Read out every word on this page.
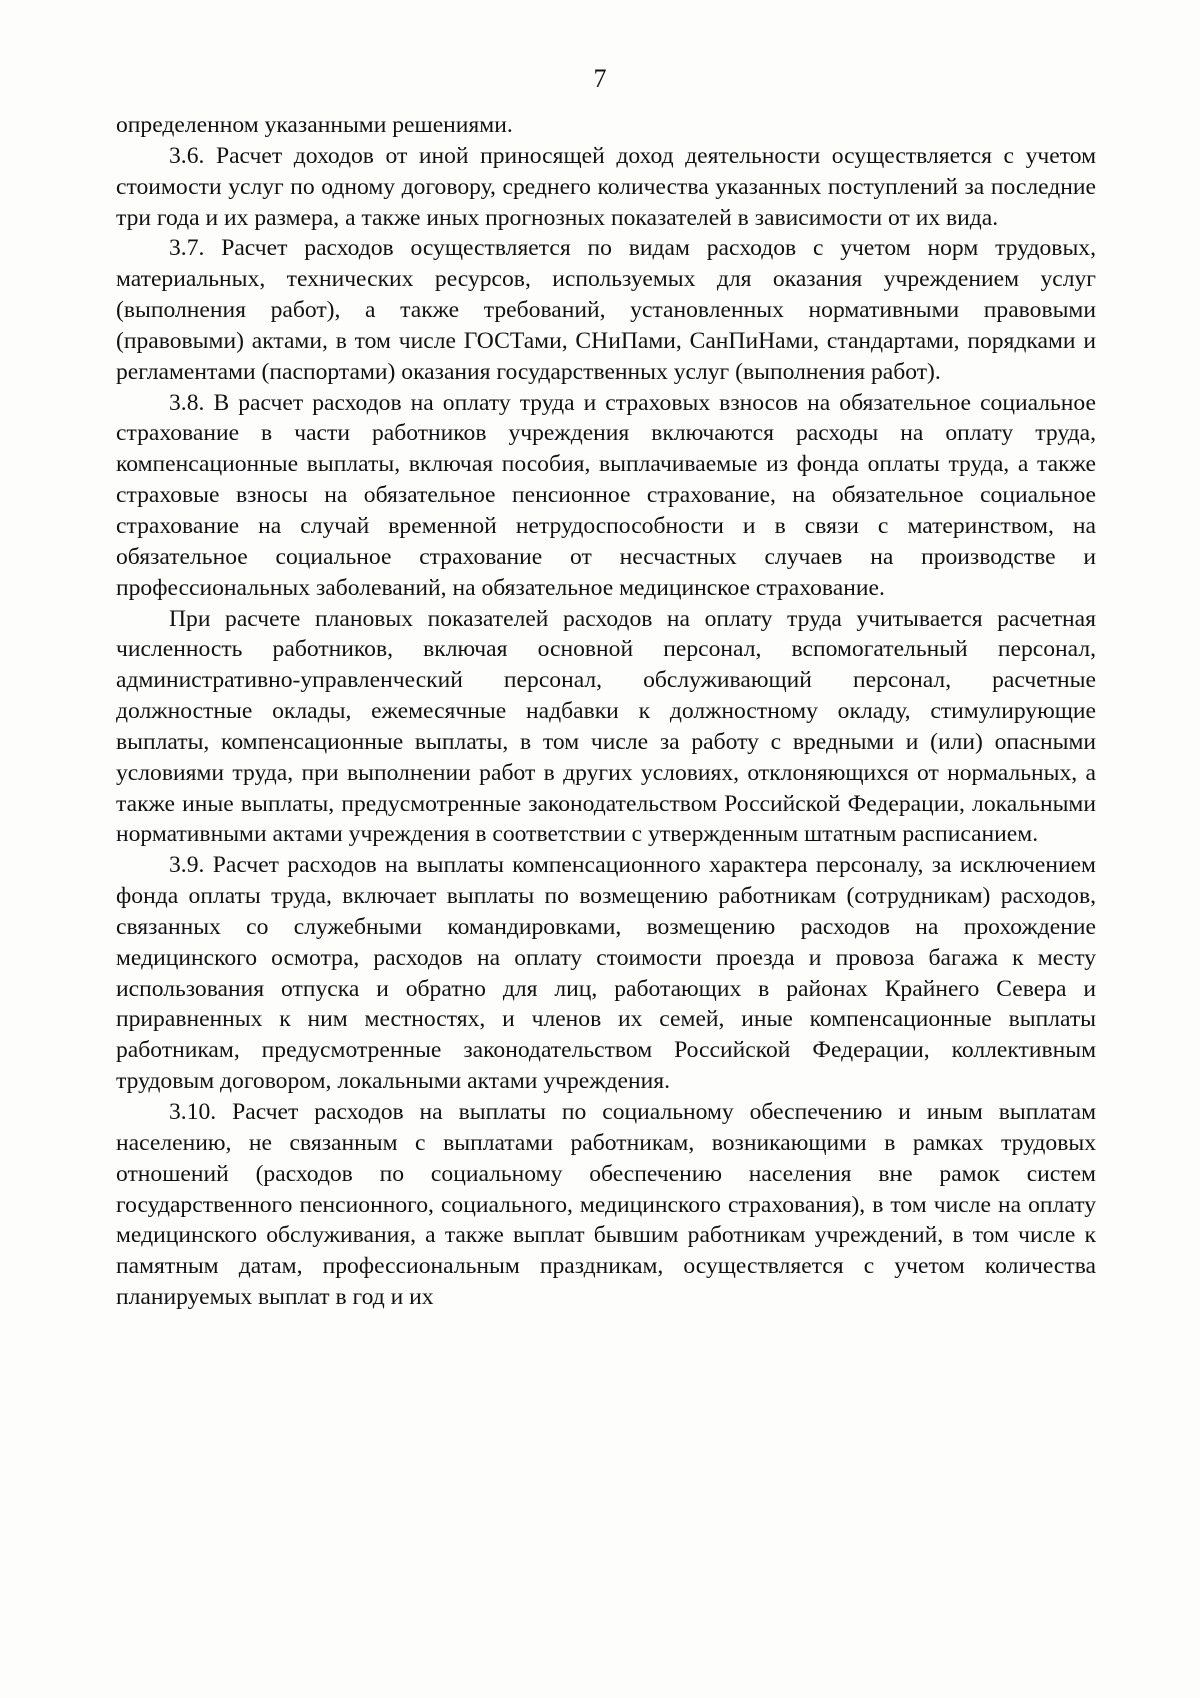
7

определенном указанными решениями.

3.6. Расчет доходов от иной приносящей доход деятельности осуществляется с учетом стоимости услуг по одному договору, среднего количества указанных поступлений за последние три года и их размера, а также иных прогнозных показателей в зависимости от их вида.

3.7. Расчет расходов осуществляется по видам расходов с учетом норм трудовых, материальных, технических ресурсов, используемых для оказания учреждением услуг (выполнения работ), а также требований, установленных нормативными правовыми (правовыми) актами, в том числе ГОСТами, СНиПами, СанПиНами, стандартами, порядками и регламентами (паспортами) оказания государственных услуг (выполнения работ).

3.8. В расчет расходов на оплату труда и страховых взносов на обязательное социальное страхование в части работников учреждения включаются расходы на оплату труда, компенсационные выплаты, включая пособия, выплачиваемые из фонда оплаты труда, а также страховые взносы на обязательное пенсионное страхование, на обязательное социальное страхование на случай временной нетрудоспособности и в связи с материнством, на обязательное социальное страхование от несчастных случаев на производстве и профессиональных заболеваний, на обязательное медицинское страхование.

При расчете плановых показателей расходов на оплату труда учитывается расчетная численность работников, включая основной персонал, вспомогательный персонал, административно-управленческий персонал, обслуживающий персонал, расчетные должностные оклады, ежемесячные надбавки к должностному окладу, стимулирующие выплаты, компенсационные выплаты, в том числе за работу с вредными и (или) опасными условиями труда, при выполнении работ в других условиях, отклоняющихся от нормальных, а также иные выплаты, предусмотренные законодательством Российской Федерации, локальными нормативными актами учреждения в соответствии с утвержденным штатным расписанием.

3.9. Расчет расходов на выплаты компенсационного характера персоналу, за исключением фонда оплаты труда, включает выплаты по возмещению работникам (сотрудникам) расходов, связанных со служебными командировками, возмещению расходов на прохождение медицинского осмотра, расходов на оплату стоимости проезда и провоза багажа к месту использования отпуска и обратно для лиц, работающих в районах Крайнего Севера и приравненных к ним местностях, и членов их семей, иные компенсационные выплаты работникам, предусмотренные законодательством Российской Федерации, коллективным трудовым договором, локальными актами учреждения.

3.10. Расчет расходов на выплаты по социальному обеспечению и иным выплатам населению, не связанным с выплатами работникам, возникающими в рамках трудовых отношений (расходов по социальному обеспечению населения вне рамок систем государственного пенсионного, социального, медицинского страхования), в том числе на оплату медицинского обслуживания, а также выплат бывшим работникам учреждений, в том числе к памятным датам, профессиональным праздникам, осуществляется с учетом количества планируемых выплат в год и их
